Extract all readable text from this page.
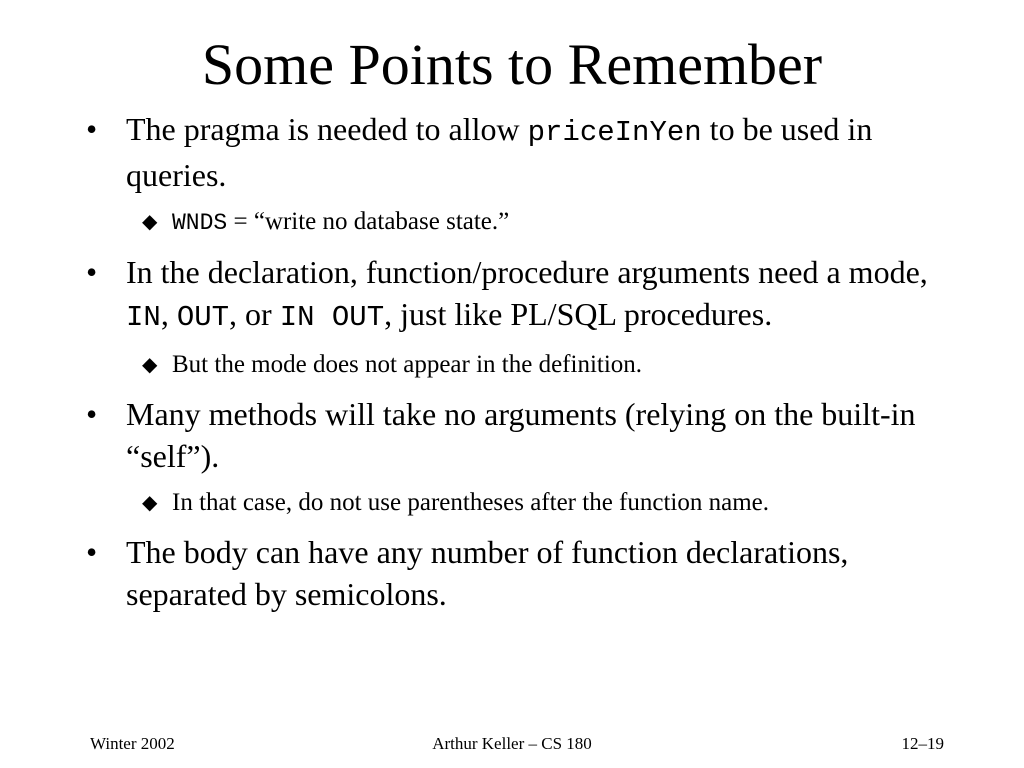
Some Points to Remember
• The pragma is needed to allow priceInYen to be used in queries.
◆ WNDS = “write no database state.”
• In the declaration, function/procedure arguments need a mode, IN, OUT, or IN OUT, just like PL/SQL procedures.
◆ But the mode does not appear in the definition.
• Many methods will take no arguments (relying on the built-in “self”).
◆ In that case, do not use parentheses after the function name.
• The body can have any number of function declarations, separated by semicolons.
Winter 2002	Arthur Keller – CS 180	12–19
